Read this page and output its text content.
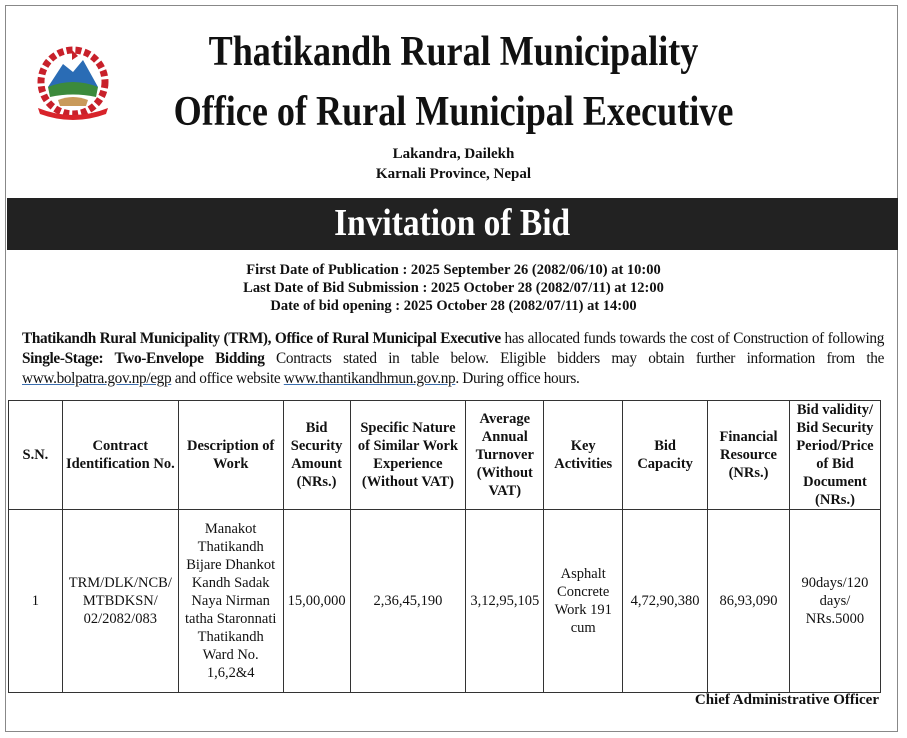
Thatikandh Rural Municipality
Office of Rural Municipal Executive
Lakandra, Dailekh
Karnali Province, Nepal
Invitation of Bid
First Date of Publication : 2025 September 26 (2082/06/10) at 10:00
Last Date of Bid Submission : 2025 October 28 (2082/07/11) at 12:00
Date of bid opening : 2025 October 28 (2082/07/11) at 14:00
Thatikandh Rural Municipality (TRM), Office of Rural Municipal Executive has allocated funds towards the cost of Construction of following Single-Stage: Two-Envelope Bidding Contracts stated in table below. Eligible bidders may obtain further information from the www.bolpatra.gov.np/egp and office website www.thantikandhmun.gov.np. During office hours.
S.N.	Contract Identification No.	Description of Work	Bid Security Amount (NRs.)	Specific Nature of Similar Work Experience (Without VAT)	Average Annual Turnover (Without VAT)	Key Activities	Bid Capacity	Financial Resource (NRs.)	Bid validity/ Bid Security Period/Price of Bid Document (NRs.)
1	TRM/DLK/NCB/ MTBDKSN/ 02/2082/083	Manakot Thatikandh Bijare Dhankot Kandh Sadak Naya Nirman tatha Staronnati Thatikandh Ward No. 1,6,2&4	15,00,000	2,36,45,190	3,12,95,105	Asphalt Concrete Work 191 cum	4,72,90,380	86,93,090	90days/120 days/ NRs.5000
Chief Administrative Officer
